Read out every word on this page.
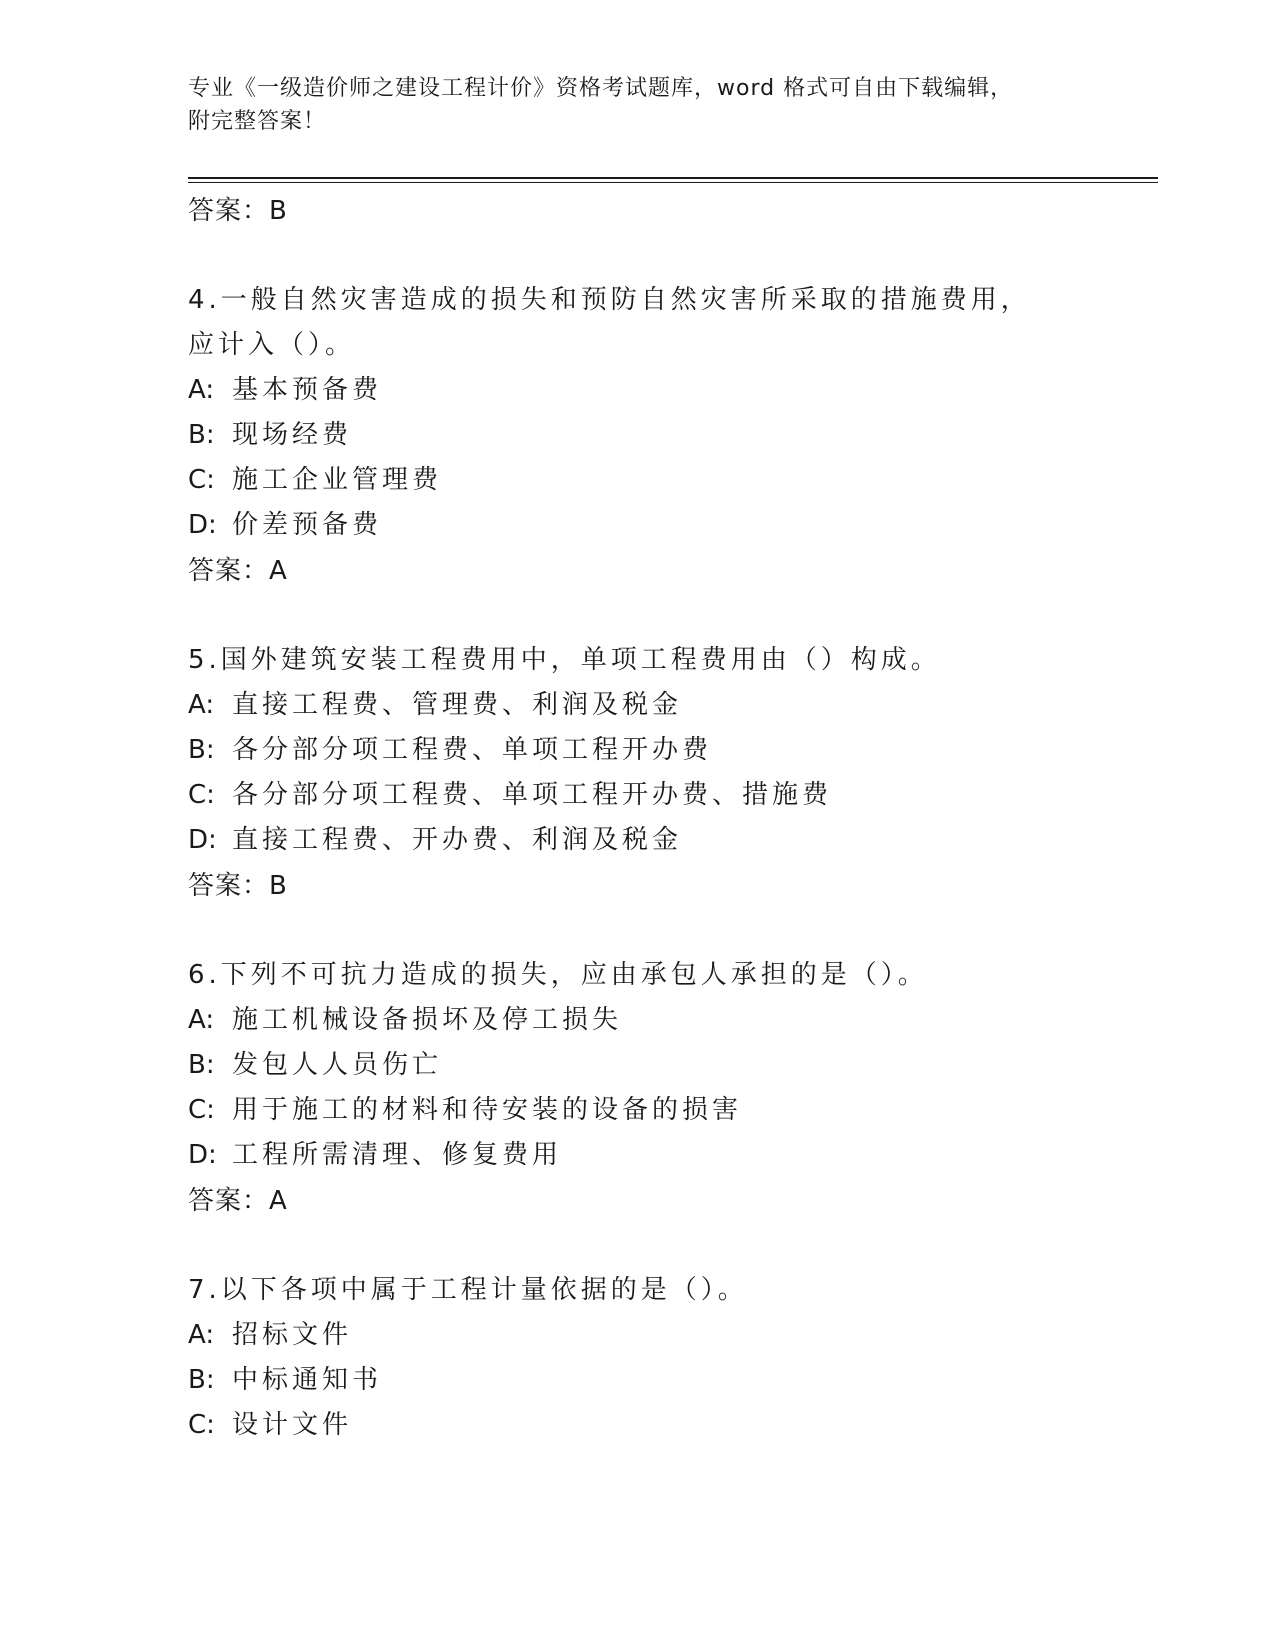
专业《一级造价师之建设工程计价》资格考试题库，word 格式可自由下载编辑，
附完整答案！
答案：B
4.一般自然灾害造成的损失和预防自然灾害所采取的措施费用，应计入（）。
A: 基本预备费
B: 现场经费
C: 施工企业管理费
D: 价差预备费
答案：A
5.国外建筑安装工程费用中，单项工程费用由（）构成。
A: 直接工程费、管理费、利润及税金
B: 各分部分项工程费、单项工程开办费
C: 各分部分项工程费、单项工程开办费、措施费
D: 直接工程费、开办费、利润及税金
答案：B
6.下列不可抗力造成的损失，应由承包人承担的是（）。
A: 施工机械设备损坏及停工损失
B: 发包人人员伤亡
C: 用于施工的材料和待安装的设备的损害
D: 工程所需清理、修复费用
答案：A
7.以下各项中属于工程计量依据的是（）。
A: 招标文件
B: 中标通知书
C: 设计文件
